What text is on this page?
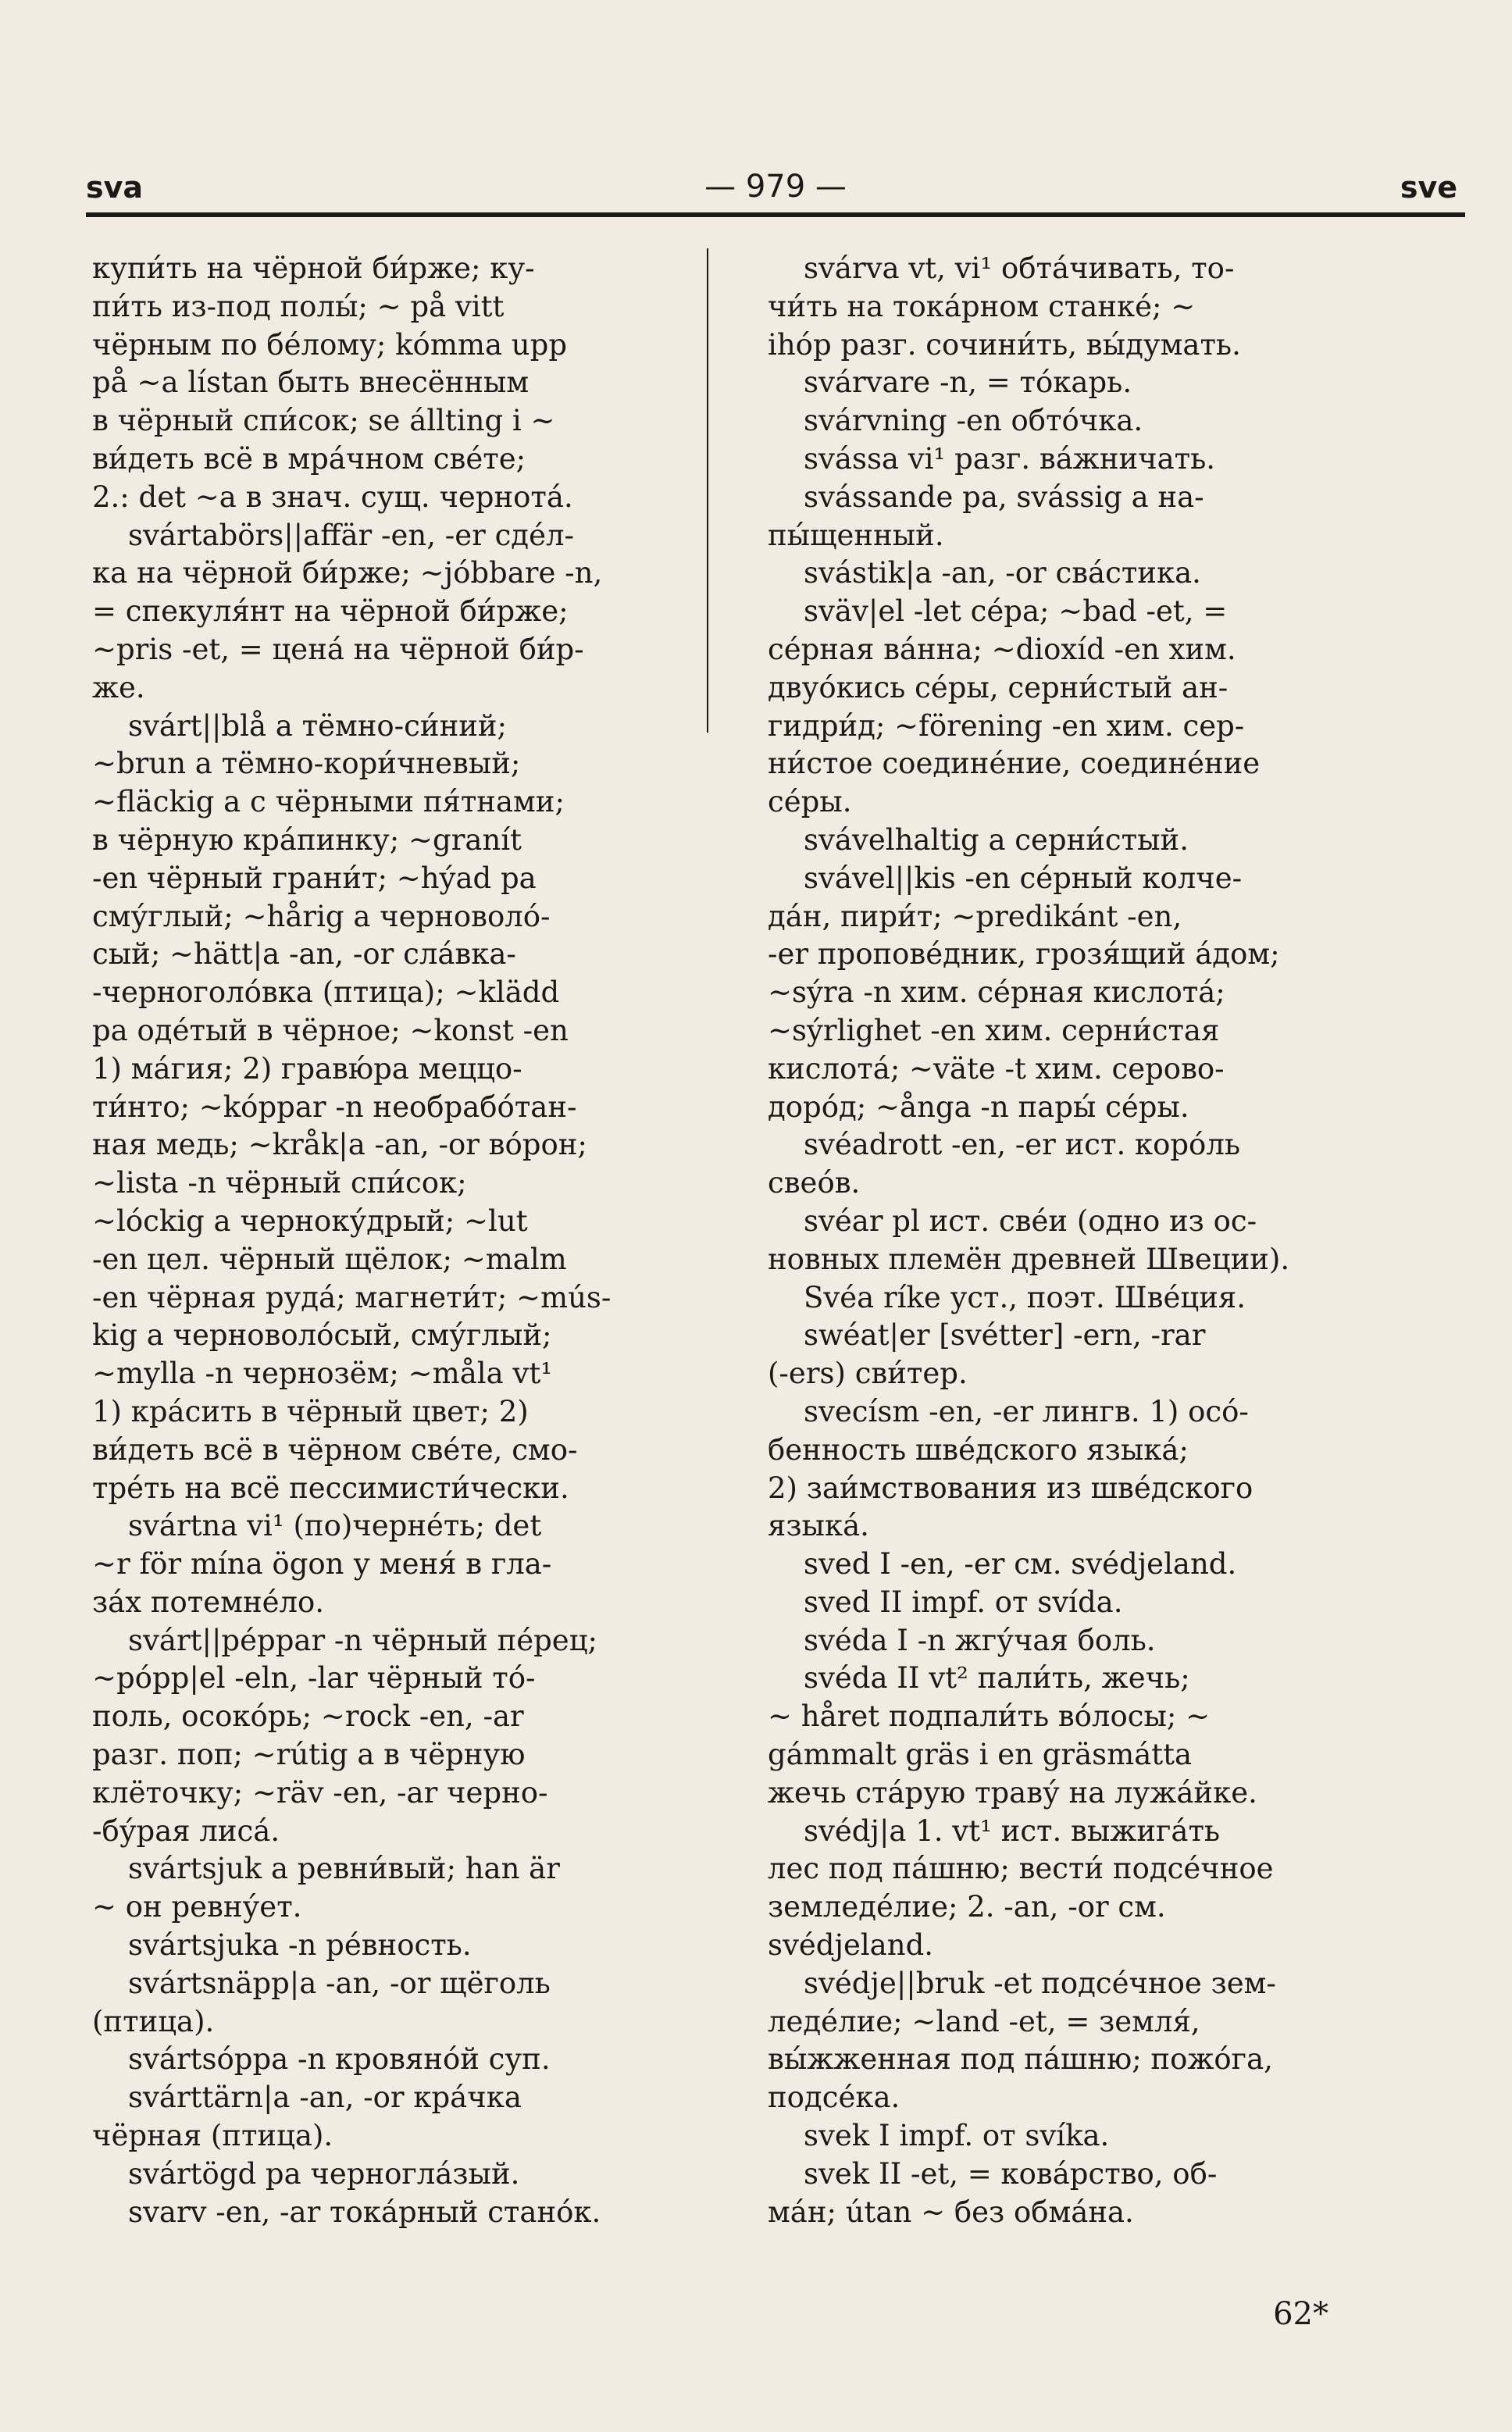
sva	— 979 —	sve
купи́ть на чёрной би́рже; ку-
пи́ть из-под полы́; ~ på vitt
чёрным по бе́лому; kómma upp
på ~a lístan быть внесённым
в чёрный спи́сок; se állting i ~
ви́деть всё в мра́чном све́те;
2.: det ~a в знач. сущ. чернота́.
svártabörs||affär -en, -er сде́л-
ка на чёрной би́рже; ~jóbbare -n,
= спекуля́нт на чёрной би́рже;
~pris -et, = цена́ на чёрной би́р-
же.
svárt||blå a тёмно-си́ний;
~brun a тёмно-кори́чневый;
~fläckig a с чёрными пя́тнами;
в чёрную кра́пинку; ~granít
-en чёрный грани́т; ~hýad pa
сму́глый; ~hårig a черноволо́-
сый; ~hätt|a -an, -or сла́вка-
-черноголо́вка (птица); ~klädd
pa оде́тый в чёрное; ~konst -en
1) ма́гия; 2) гравю́ра меццо-
ти́нто; ~kóppar -n необрабо́тан-
ная медь; ~kråk|a -an, -or во́рон;
~lista -n чёрный спи́сок;
~lóckig a черноку́дрый; ~lut
-en цел. чёрный щёлок; ~malm
-en чёрная руда́; магнети́т; ~mús-
kig a черноволо́сый, сму́глый;
~mylla -n чернозём; ~måla vt¹
1) кра́сить в чёрный цвет; 2)
ви́деть всё в чёрном све́те, смо-
тре́ть на всё пессимисти́чески.
svártna vi¹ (по)черне́ть; det
~r för mína ögon у меня́ в гла-
за́х потемне́ло.
svárt||péppar -n чёрный пе́рец;
~pópp|el -eln, -lar чёрный то́-
поль, осоко́рь; ~rock -en, -ar
разг. поп; ~rútig a в чёрную
клёточку; ~räv -en, -ar черно-
-бу́рая лиса́.
svártsjuk a ревни́вый; han är
~ он ревну́ет.
svártsjuka -n ре́вность.
svártsnäpp|a -an, -or щёголь
(птица).
svártsóppa -n кровяно́й суп.
svárttärn|a -an, -or кра́чка
чёрная (птица).
svártögd pa черногла́зый.
svarv -en, -ar тока́рный стано́к.
svárva vt, vi¹ обта́чивать, то-
чи́ть на тока́рном станке́; ~
ihóp разг. сочини́ть, вы́думать.
svárvare -n, = то́карь.
svárvning -en обто́чка.
svássa vi¹ разг. ва́жничать.
svássande pa, svássig a на-
пы́щенный.
svástik|a -an, -or сва́стика.
sväv|el -let се́ра; ~bad -et, =
се́рная ва́нна; ~dioxíd -en хим.
двуо́кись се́ры, серни́стый ан-
гидри́д; ~förening -en хим. сер-
ни́стое соедине́ние, соедине́ние
се́ры.
svávelhaltig a серни́стый.
svável||kis -en се́рный колче-
да́н, пири́т; ~predikánt -en,
-er пропове́дник, грозя́щий а́дом;
~sýra -n хим. се́рная кислота́;
~sýrlighet -en хим. серни́стая
кислота́; ~väte -t хим. серово-
доро́д; ~ånga -n пары́ се́ры.
svéadrott -en, -er ист. коро́ль
свео́в.
svéar pl ист. све́и (одно из ос-
новных племён древней Швеции).
Svéa ríke уст., поэт. Шве́ция.
swéat|er [svétter] -ern, -rar
(-ers) сви́тер.
svecísm -en, -er лингв. 1) осо́-
бенность шве́дского языка́;
2) заи́мствования из шве́дского
языка́.
sved I -en, -er см. svédjeland.
sved II impf. от svída.
svéda I -n жгу́чая боль.
svéda II vt² пали́ть, жечь;
~ håret подпали́ть во́лосы; ~
gámmalt gräs i en gräsmátta
жечь ста́рую траву́ на лужа́йке.
svédj|a 1. vt¹ ист. выжига́ть
лес под па́шню; вести́ подсе́чное
земледе́лие; 2. -an, -or см.
svédjeland.
svédje||bruk -et подсе́чное зем-
леде́лие; ~land -et, = земля́,
вы́жженная под па́шню; пожо́га,
подсе́ка.
svek I impf. от svíka.
svek II -et, = кова́рство, об-
ма́н; útan ~ без обма́на.
62*
